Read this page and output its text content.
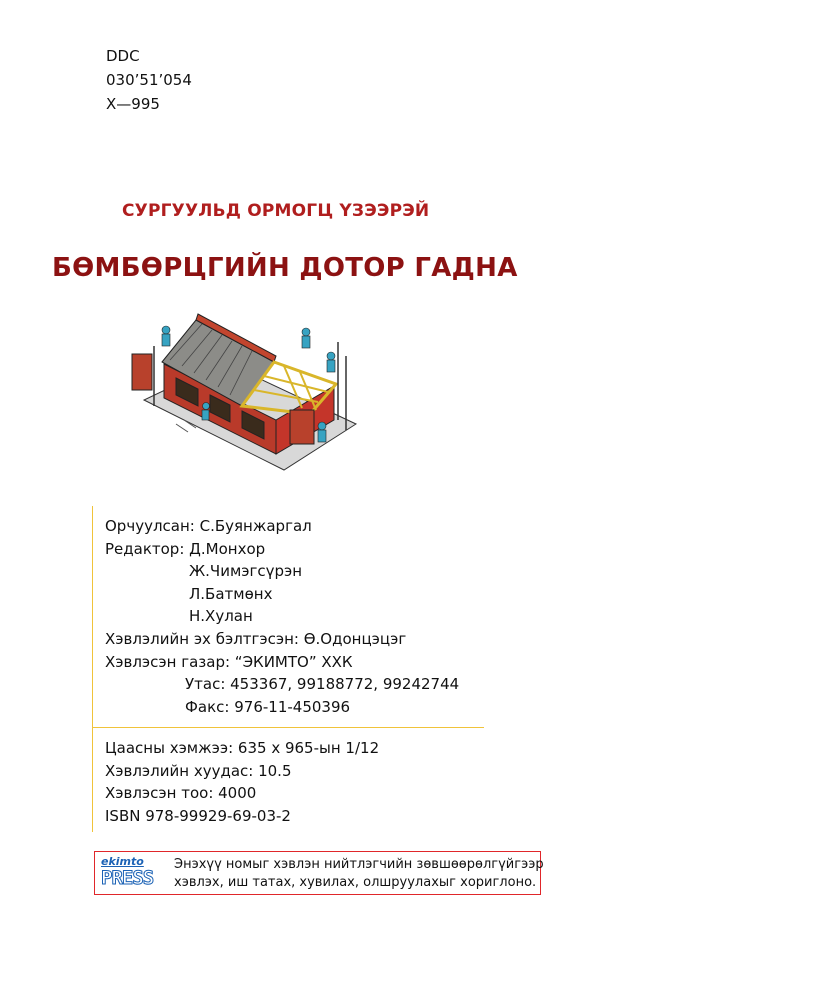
DDC
030’51’054
Х—995
СУРГУУЛЬД ОРМОГЦ ҮЗЭЭРЭЙ
БӨМБӨРЦГИЙН ДОТОР ГАДНА
Орчуулсан: С.Буянжаргал
Редактор: Д.Монхор
Ж.Чимэгсүрэн
Л.Батмөнх
Н.Хулан
Хэвлэлийн эх бэлтгэсэн: Ө.Одонцэцэг
Хэвлэсэн газар: “ЭКИМТО” ХХК
Утас: 453367, 99188772, 99242744
Факс: 976-11-450396
Цаасны хэмжээ: 635 x 965-ын 1/12
Хэвлэлийн хуудас: 10.5
Хэвлэсэн тоо: 4000
ISBN 978-99929-69-03-2
ekimto
PRESS
Энэхүү номыг хэвлэн нийтлэгчийн зөвшөөрөлгүйгээр
хэвлэх, иш татах, хувилах, олшруулахыг хориглоно.
